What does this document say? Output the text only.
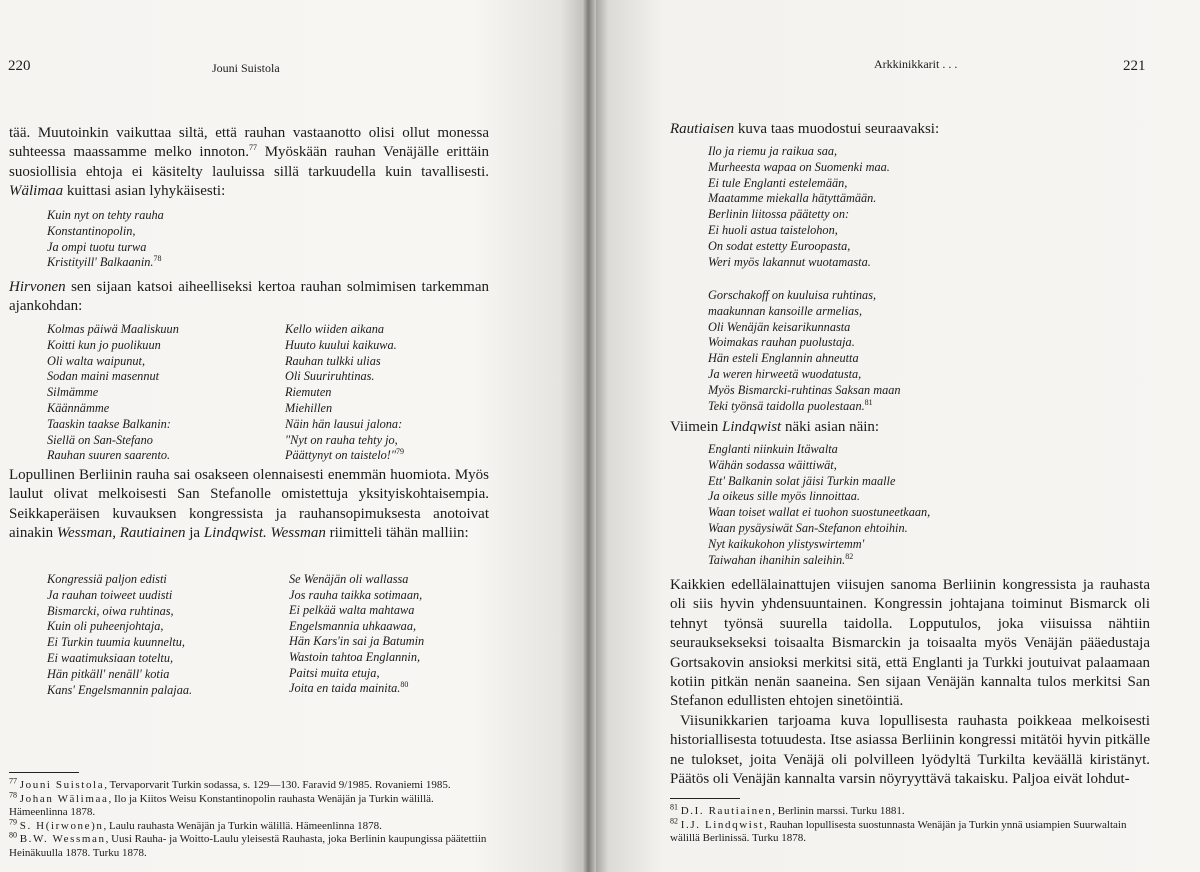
220	Jouni Suistola

tää. Muutoinkin vaikuttaa siltä, että rauhan vastaanotto olisi ollut monessa suhteessa maassamme melko innoton.$^{77}$ Myöskään rauhan Venäjälle erittäin suosiollisia ehtoja ei käsitelty lauluissa sillä tarkuudella kuin tavallisesti. Wälimaa kuittasi asian lyhykäisesti:

Kuin nyt on tehty rauha
Konstantinopolin,
Ja ompi tuotu turwa
Kristityill' Balkaanin.$^{78}$

Hirvonen sen sijaan katsoi aiheelliseksi kertoa rauhan solmimisen tarkemman ajankohdan:

Kolmas päiwä Maaliskuun
Koitti kun jo puolikuun
Oli walta waipunut,
Sodan maini masennut
Silmämme
Käännämme
Taaskin taakse Balkanin:
Siellä on San-Stefano
Rauhan suuren saarento.
Kello wiiden aikana
Huuto kuului kaikuwa.
Rauhan tulkki ulias
Oli Suuriruhtinas.
Riemuten
Miehillen
Näin hän lausui jalona:
"Nyt on rauha tehty jo,
Päättynyt on taistelo!"$^{79}$

Lopullinen Berliinin rauha sai osakseen olennaisesti enemmän huomiota. Myös laulut olivat melkoisesti San Stefanolle omistettuja yksityiskohtaisempia. Seikkaperäisen kuvauksen kongressista ja rauhansopimuksesta anotoivat ainakin Wessman, Rautiainen ja Lindqwist. Wessman riimitteli tähän malliin:

Kongressiä paljon edisti
Ja rauhan toiweet uudisti
Bismarcki, oiwa ruhtinas,
Kuin oli puheenjohtaja,
Ei Turkin tuumia kuunneltu,
Ei waatimuksiaan toteltu,
Hän pitkäll' nenäll' kotia
Kans' Engelsmannin palajaa.
Se Wenäjän oli wallassa
Jos rauha taikka sotimaan,
Ei pelkää walta mahtawa
Engelsmannia uhkaawaa,
Hän Kars'in sai ja Batumin
Wastoin tahtoa Englannin,
Paitsi muita etuja,
Joita en taida mainita.$^{80}$
$^{77}$ Jouni Suistola, Tervaporvarit Turkin sodassa, s. 129—130. Faravid 9/1985. Rovaniemi 1985.
$^{78}$ Johan Wälimaa, Ilo ja Kiitos Weisu Konstantinopolin rauhasta Wenäjän ja Turkin wälillä. Hämeenlinna 1878.
$^{79}$ S. H(irwone)n, Laulu rauhasta Wenäjän ja Turkin wälillä. Hämeenlinna 1878.
$^{80}$ B.W. Wessman, Uusi Rauha- ja Woitto-Laulu yleisestä Rauhasta, joka Berlinin kaupungissa päätettiin Heinäkuulla 1878. Turku 1878.
Arkkinikkarit . . .	221

Rautiaisen kuva taas muodostui seuraavaksi:

Ilo ja riemu ja raikua saa,
Murheesta wapaa on Suomenki maa.
Ei tule Englanti estelemään,
Maatamme miekalla hätyttämään.
Berlinin liitossa päätetty on:
Ei huoli astua taistelohon,
On sodat estetty Euroopasta,
Weri myös lakannut wuotamasta.
Gorschakoff on kuuluisa ruhtinas,
maakunnan kansoille armelias,
Oli Wenäjän keisarikunnasta
Woimakas rauhan puolustaja.
Hän esteli Englannin ahneutta
Ja weren hirweetä wuodatusta,
Myös Bismarcki-ruhtinas Saksan maan
Teki työnsä taidolla puolestaan.$^{81}$

Viimein Lindqwist näki asian näin:

Englanti niinkuin Itäwalta
Wähän sodassa wäittiwät,
Ett' Balkanin solat jäisi Turkin maalle
Ja oikeus sille myös linnoittaa.
Waan toiset wallat ei tuohon suostuneetkaan,
Waan pysäysiwät San-Stefanon ehtoihin.
Nyt kaikukohon ylistyswirtemm'
Taiwahan ihanihin saleihin.$^{82}$

Kaikkien edellälainattujen viisujen sanoma Berliinin kongressista ja rauhasta oli siis hyvin yhdensuuntainen. Kongressin johtajana toiminut Bismarck oli tehnyt työnsä suurella taidolla. Lopputulos, joka viisuissa nähtiin seurauksekseksi toisaalta Bismarckin ja toisaalta myös Venäjän pääedustaja Gortsakovin ansioksi merkitsi sitä, että Englanti ja Turkki joutuivat palaamaan kotiin pitkän nenän saaneina. Sen sijaan Venäjän kannalta tulos merkitsi San Stefanon edullisten ehtojen sinetöintiä.

Viisunikkarien tarjoama kuva lopullisesta rauhasta poikkeaa melkoisesti historiallisesta totuudesta. Itse asiassa Berliinin kongressi mitätöi hyvin pitkälle ne tulokset, joita Venäjä oli polvilleen lyödyltä Turkilta keväällä kiristänyt. Päätös oli Venäjän kannalta varsin nöyryyttävä takaisku. Paljoa eivät lohdut-

$^{81}$ D.I. Rautiainen, Berlinin marssi. Turku 1881.
$^{82}$ I.J. Lindqwist, Rauhan lopullisesta suostunnasta Wenäjän ja Turkin ynnä usiampien Suurwaltain wälillä Berlinissä. Turku 1878.
